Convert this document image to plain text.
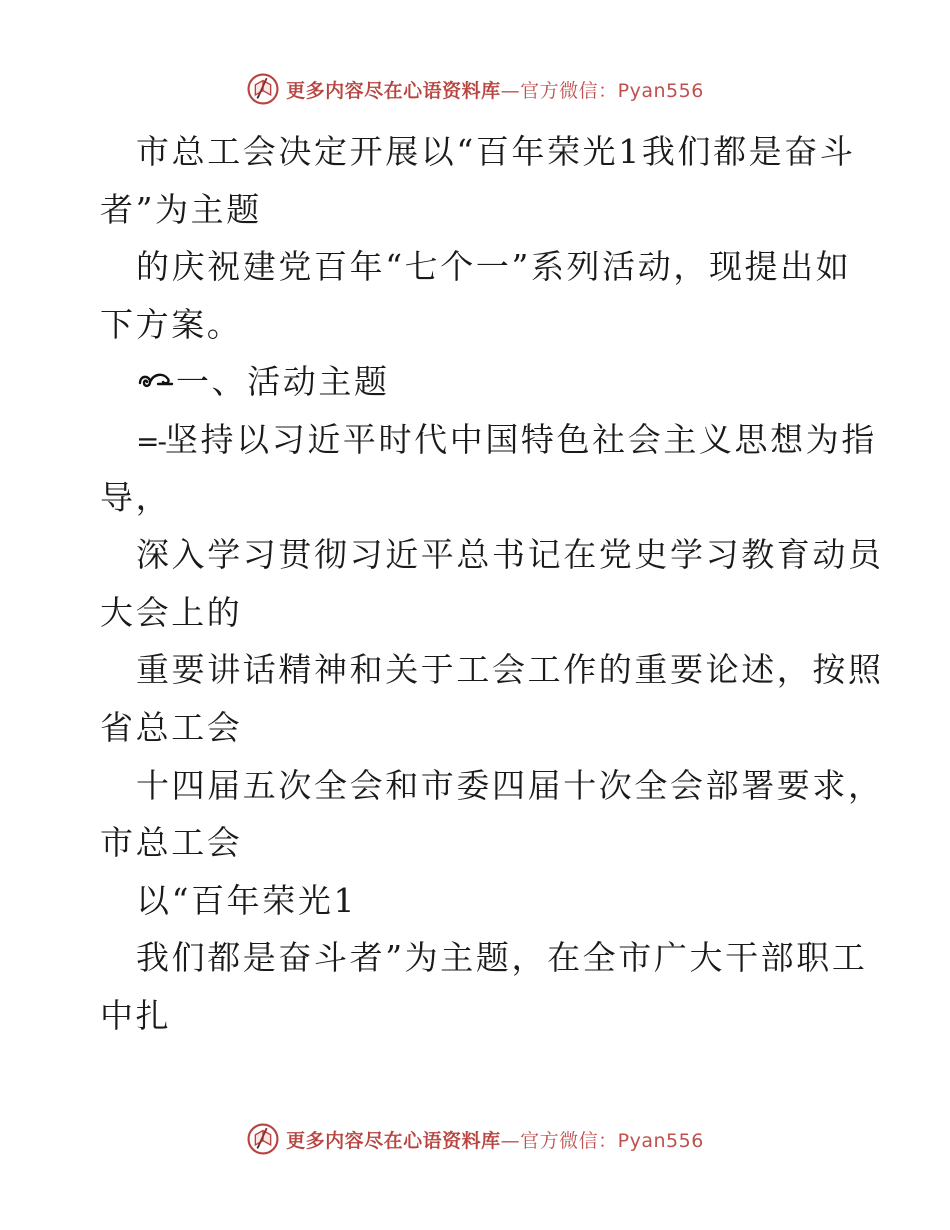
更多内容尽在心语资料库—官方微信：Pyan556
市总工会决定开展以“百年荣光1我们都是奋斗
者”为主题
的庆祝建党百年“七个一”系列活动，现提出如
下方案。
一、活动主题
=-坚持以习近平时代中国特色社会主义思想为指
导，
深入学习贯彻习近平总书记在党史学习教育动员
大会上的
重要讲话精神和关于工会工作的重要论述，按照
省总工会
十四届五次全会和市委四届十次全会部署要求，
市总工会
以“百年荣光1
我们都是奋斗者”为主题，在全市广大干部职工
中扎
更多内容尽在心语资料库—官方微信：Pyan556
